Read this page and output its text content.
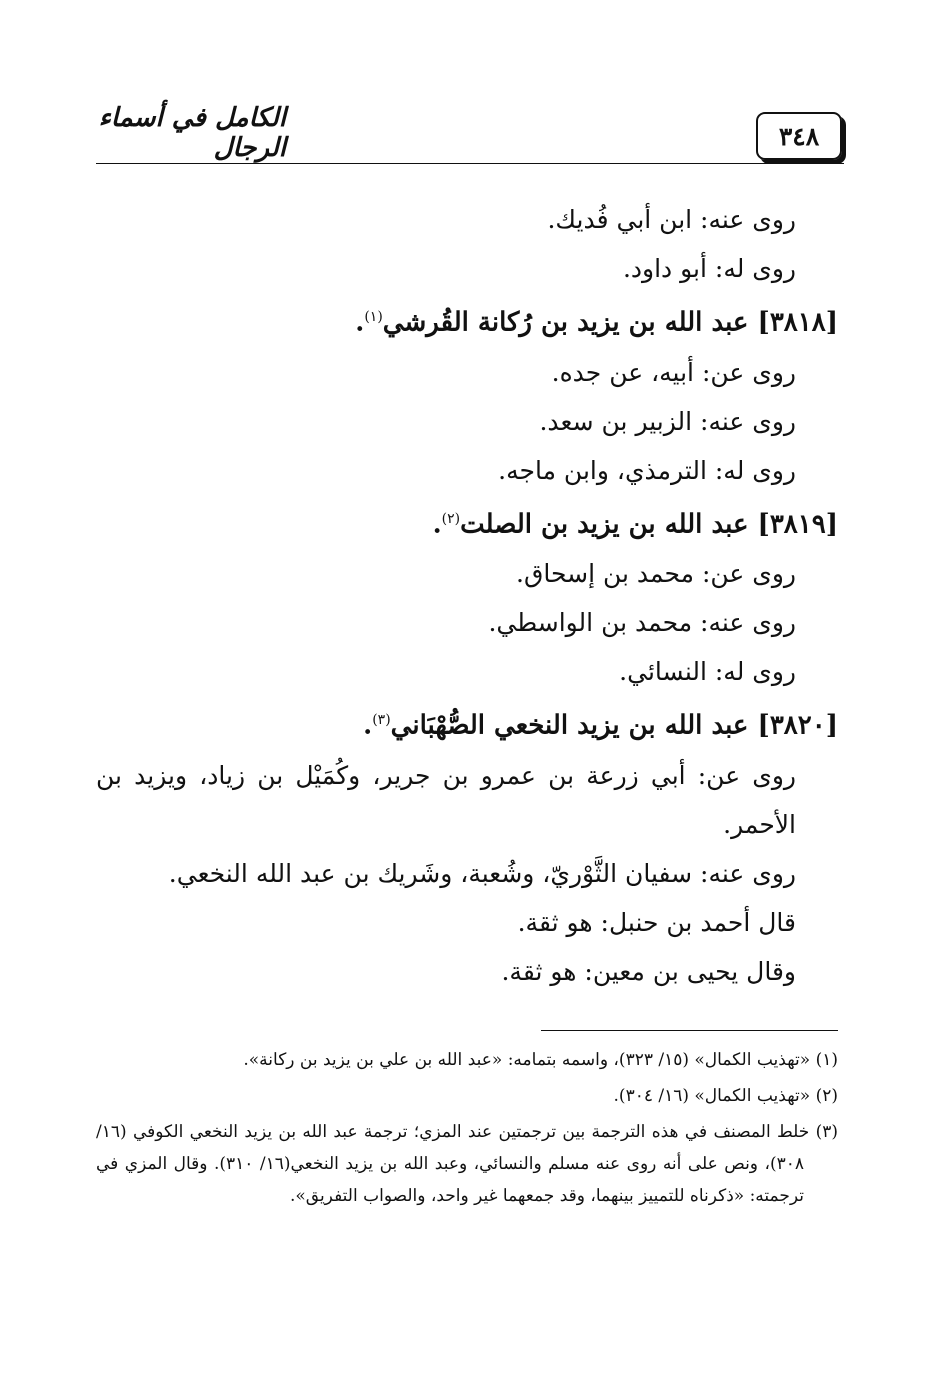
٣٤٨
الكامل في أسماء الرجال
روى عنه: ابن أبي فُديك.
روى له: أبو داود.
[٣٨١٨] عبد الله بن يزيد بن رُكانة القُرشي$^{(١)}$.
روى عن: أبيه، عن جده.
روى عنه: الزبير بن سعد.
روى له: الترمذي، وابن ماجه.
[٣٨١٩] عبد الله بن يزيد بن الصلت$^{(٢)}$.
روى عن: محمد بن إسحاق.
روى عنه: محمد بن الواسطي.
روى له: النسائي.
[٣٨٢٠] عبد الله بن يزيد النخعي الصُّهْبَاني$^{(٣)}$.
روى عن: أبي زرعة بن عمرو بن جرير، وكُمَيْل بن زياد، ويزيد بن الأحمر.
روى عنه: سفيان الثَّوْريّ، وشُعبة، وشَريك بن عبد الله النخعي.
قال أحمد بن حنبل: هو ثقة.
وقال يحيى بن معين: هو ثقة.
(١) «تهذيب الكمال» (١٥/ ٣٢٣)، واسمه بتمامه: «عبد الله بن علي بن يزيد بن ركانة».
(٢) «تهذيب الكمال» (١٦/ ٣٠٤).
(٣) خلط المصنف في هذه الترجمة بين ترجمتين عند المزي؛ ترجمة عبد الله بن يزيد النخعي الكوفي (١٦/ ٣٠٨)، ونص على أنه روى عنه مسلم والنسائي، وعبد الله بن يزيد النخعي(١٦/ ٣١٠). وقال المزي في ترجمته: «ذكرناه للتمييز بينهما، وقد جمعهما غير واحد، والصواب التفريق».
